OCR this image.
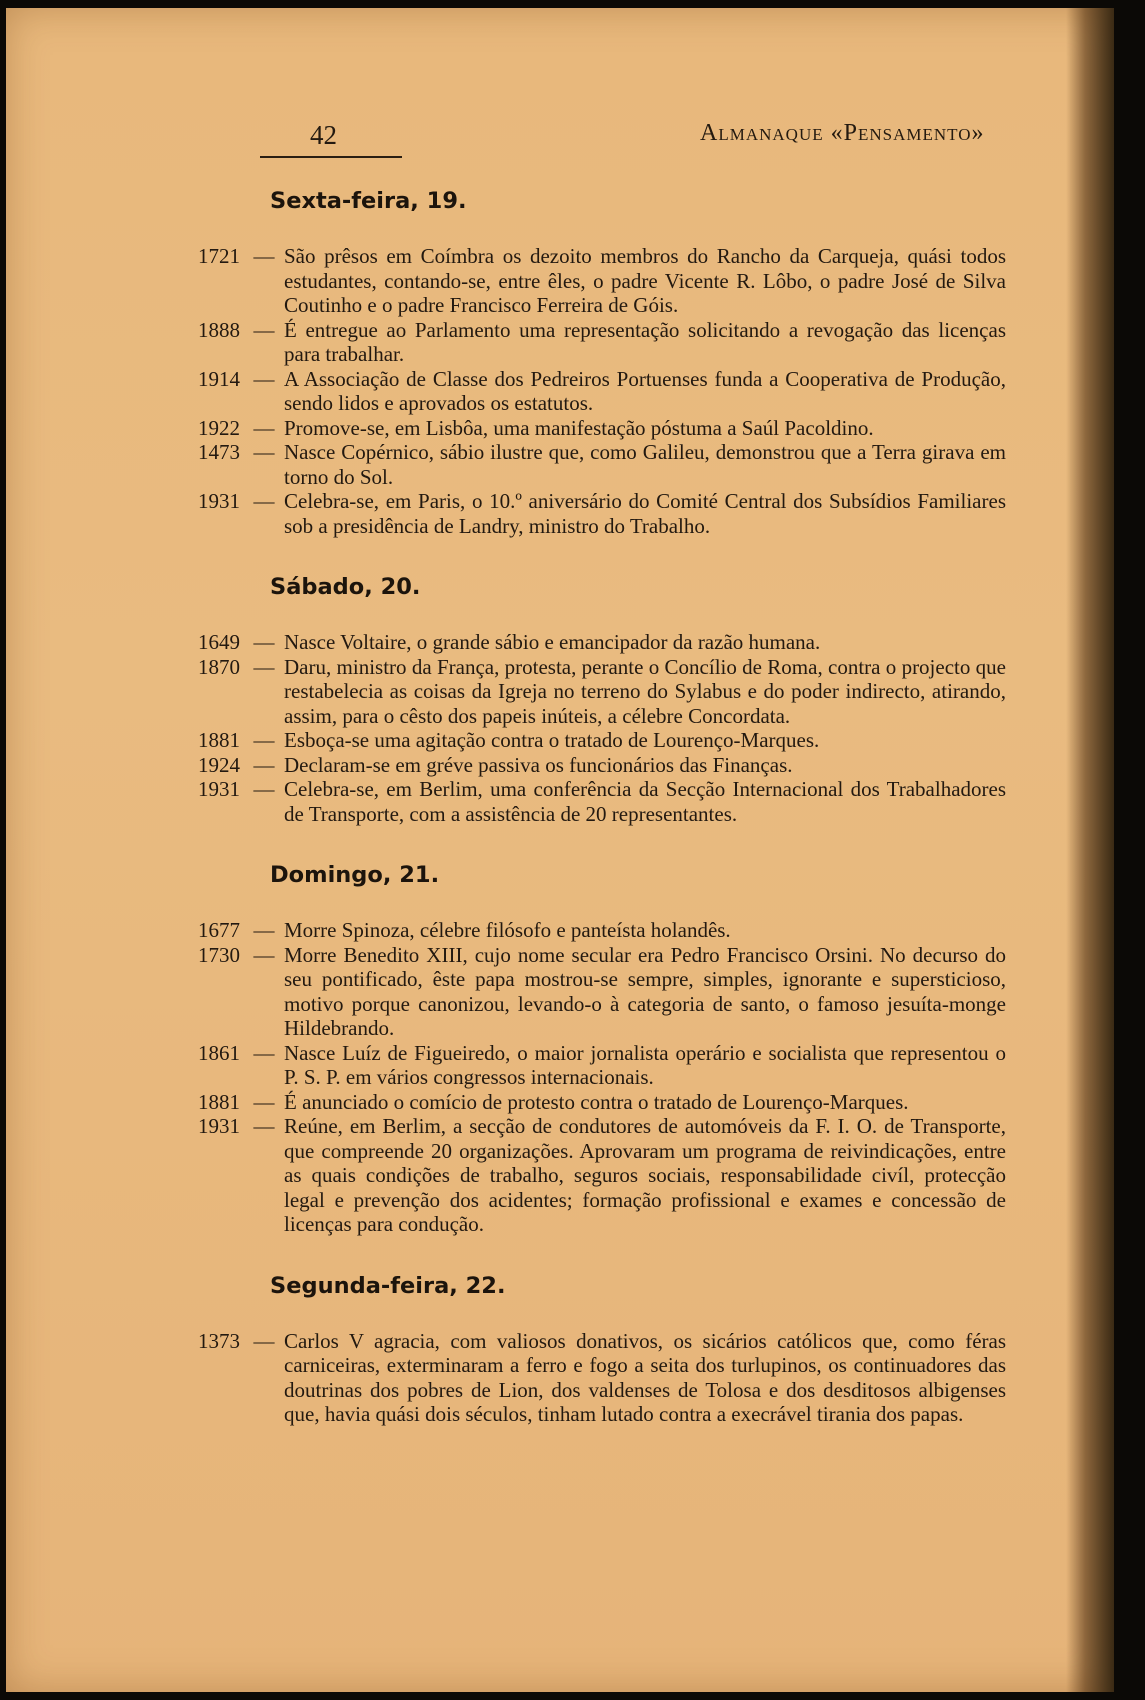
42	Almanaque «Pensamento»
Sexta-feira, 19.
1721 — São prêsos em Coímbra os dezoito membros do Rancho da Carqueja, quási todos estudantes, contando-se, entre êles, o padre Vicente R. Lôbo, o padre José de Silva Coutinho e o padre Francisco Ferreira de Góis.
1888 — É entregue ao Parlamento uma representação solicitando a revogação das licenças para trabalhar.
1914 — A Associação de Classe dos Pedreiros Portuenses funda a Cooperativa de Produção, sendo lidos e aprovados os estatutos.
1922 — Promove-se, em Lisbôa, uma manifestação póstuma a Saúl Pacoldino.
1473 — Nasce Copérnico, sábio ilustre que, como Galileu, demonstrou que a Terra girava em torno do Sol.
1931 — Celebra-se, em Paris, o 10.º aniversário do Comité Central dos Subsídios Familiares sob a presidência de Landry, ministro do Trabalho.
Sábado, 20.
1649 — Nasce Voltaire, o grande sábio e emancipador da razão humana.
1870 — Daru, ministro da França, protesta, perante o Concílio de Roma, contra o projecto que restabelecia as coisas da Igreja no terreno do Sylabus e do poder indirecto, atirando, assim, para o cêsto dos papeis inúteis, a célebre Concordata.
1881 — Esboça-se uma agitação contra o tratado de Lourenço-Marques.
1924 — Declaram-se em gréve passiva os funcionários das Finanças.
1931 — Celebra-se, em Berlim, uma conferência da Secção Internacional dos Trabalhadores de Transporte, com a assistência de 20 representantes.
Domingo, 21.
1677 — Morre Spinoza, célebre filósofo e panteísta holandês.
1730 — Morre Benedito XIII, cujo nome secular era Pedro Francisco Orsini. No decurso do seu pontificado, êste papa mostrou-se sempre, simples, ignorante e supersticioso, motivo porque canonizou, levando-o à categoria de santo, o famoso jesuíta-monge Hildebrando.
1861 — Nasce Luíz de Figueiredo, o maior jornalista operário e socialista que representou o P. S. P. em vários congressos internacionais.
1881 — É anunciado o comício de protesto contra o tratado de Lourenço-Marques.
1931 — Reúne, em Berlim, a secção de condutores de automóveis da F. I. O. de Transporte, que compreende 20 organizações. Aprovaram um programa de reivindicações, entre as quais condições de trabalho, seguros sociais, responsabilidade civíl, protecção legal e prevenção dos acidentes; formação profissional e exames e concessão de licenças para condução.
Segunda-feira, 22.
1373 — Carlos V agracia, com valiosos donativos, os sicários católicos que, como féras carniceiras, exterminaram a ferro e fogo a seita dos turlupinos, os continuadores das doutrinas dos pobres de Lion, dos valdenses de Tolosa e dos desditosos albigenses que, havia quási dois séculos, tinham lutado contra a execrável tirania dos papas.
